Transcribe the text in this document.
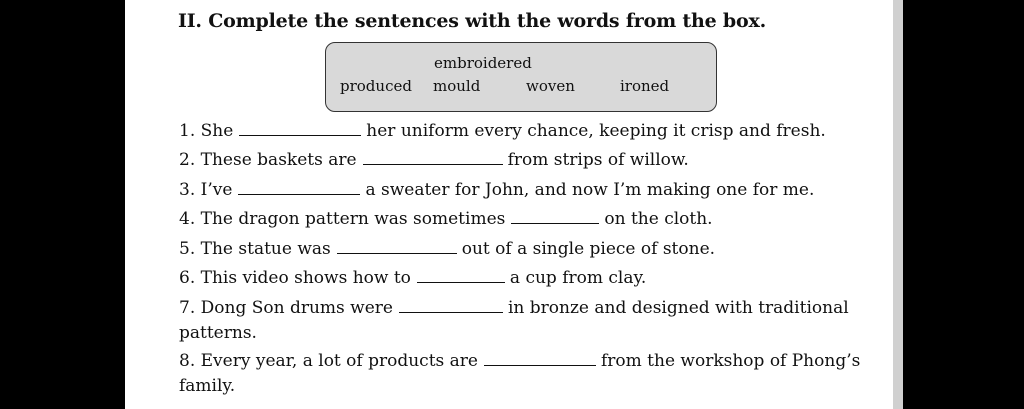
II. Complete the sentences with the words from the box.
embroidered
produced mould	woven	ironed
1. She	her uniform every chance, keeping it crisp and fresh.
2. These baskets are	from strips of willow.
3. I’ve	a sweater for John, and now I’m making one for me.
4. The dragon pattern was sometimes	on the cloth.
5. The statue was	out of a single piece of stone.
6. This video shows how to	a cup from clay.
7. Dong Son drums were	in bronze and designed with traditional
patterns.
8. Every year, a lot of products are	from the workshop of Phong’s
family.
